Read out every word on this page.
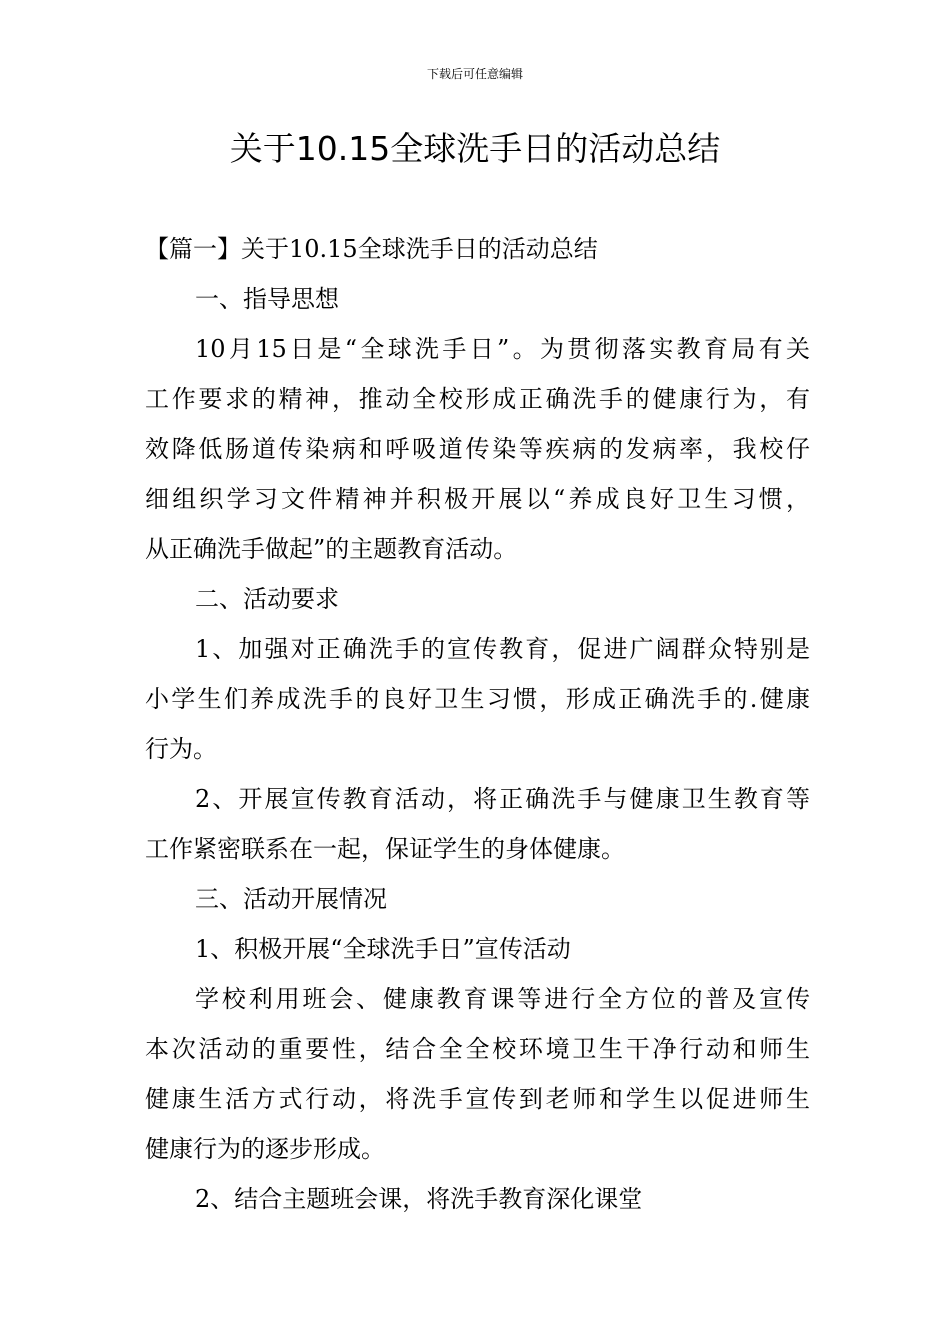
下载后可任意编辑
关于10.15全球洗手日的活动总结
【篇一】关于10.15全球洗手日的活动总结
一、指导思想
10月15日是“全球洗手日”。为贯彻落实教育局有关
工作要求的精神，推动全校形成正确洗手的健康行为，有
效降低肠道传染病和呼吸道传染等疾病的发病率，我校仔
细组织学习文件精神并积极开展以“养成良好卫生习惯，
从正确洗手做起”的主题教育活动。
二、活动要求
1、加强对正确洗手的宣传教育，促进广阔群众特别是
小学生们养成洗手的良好卫生习惯，形成正确洗手的.健康
行为。
2、开展宣传教育活动，将正确洗手与健康卫生教育等
工作紧密联系在一起，保证学生的身体健康。
三、活动开展情况
1、积极开展“全球洗手日”宣传活动
学校利用班会、健康教育课等进行全方位的普及宣传
本次活动的重要性，结合全全校环境卫生干净行动和师生
健康生活方式行动，将洗手宣传到老师和学生以促进师生
健康行为的逐步形成。
2、结合主题班会课，将洗手教育深化课堂
